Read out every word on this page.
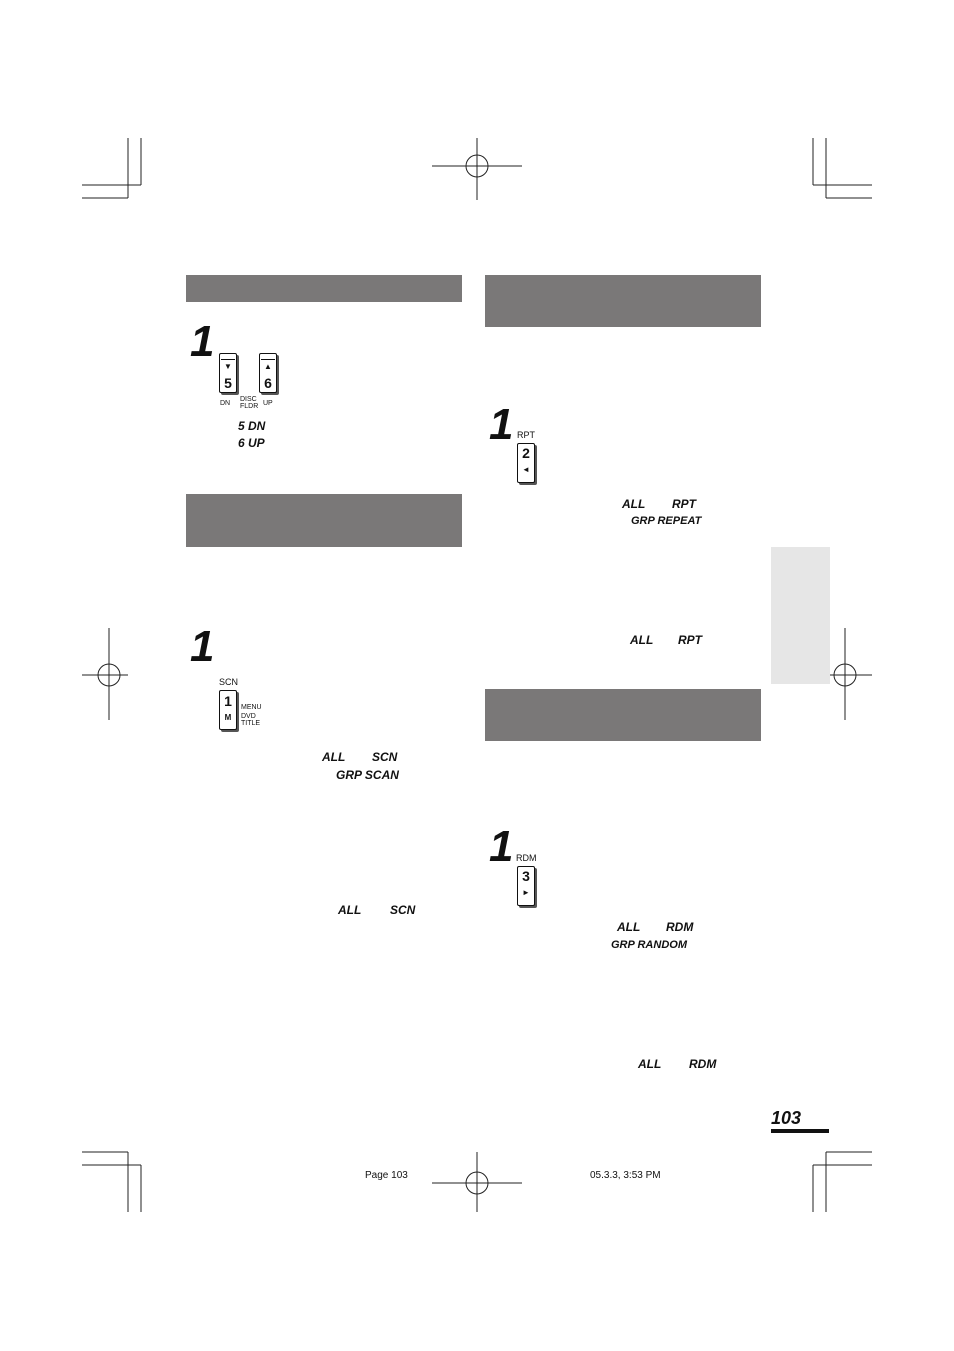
1
▼
5
▲
6
DN
DISC
FLDR UP
5 DN
6 UP
1
SCN
1
M
MENU
DVD
TITLE
ALL SCN
GRP SCAN
ALL SCN
1 RPT
2
◄
ALL RPT
GRP REPEAT
ALL RPT
1 RDM
3
►
ALL RDM
GRP RANDOM
ALL RDM
103
Page 103	05.3.3, 3:53 PM
